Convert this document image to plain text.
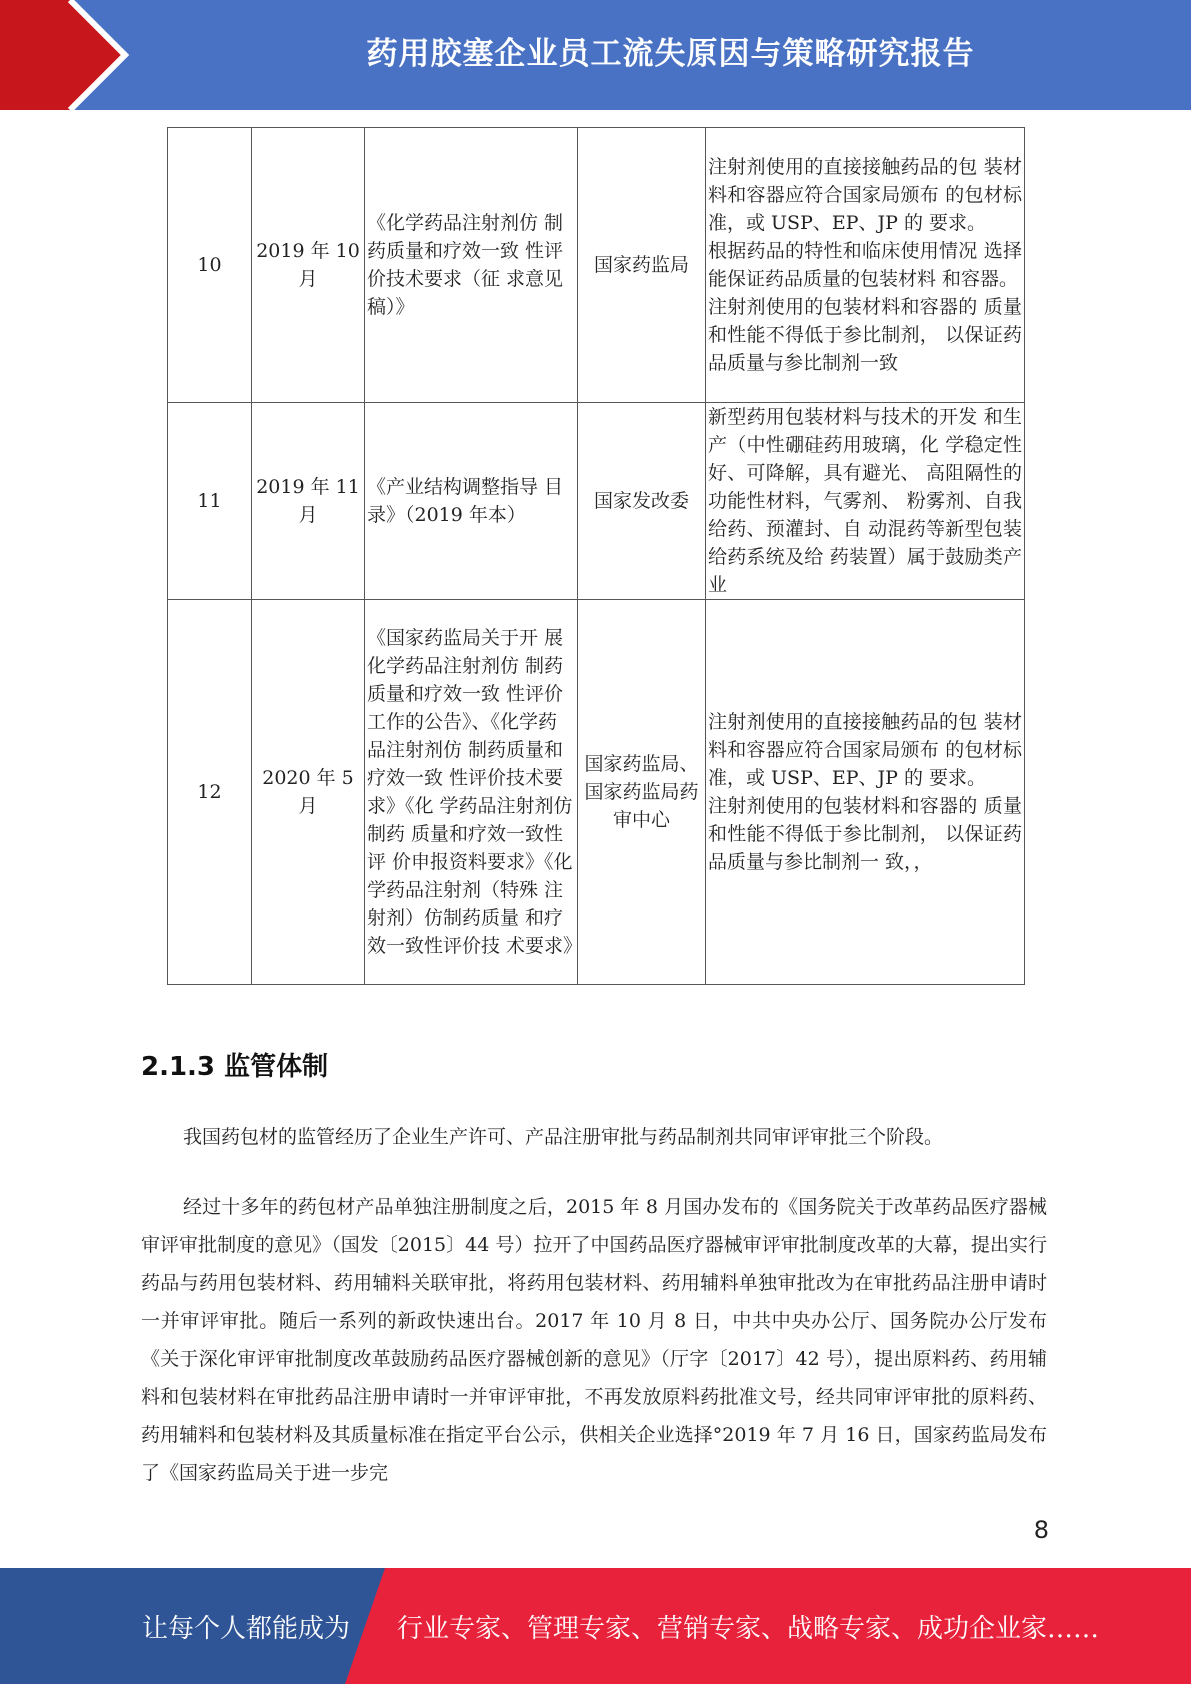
药用胶塞企业员工流失原因与策略研究报告
10	2019 年 10 月	《化学药品注射剂仿 制药质量和疗效一致 性评价技术要求（征 求意见稿）》	国家药监局	注射剂使用的直接接触药品的包 装材料和容器应符合国家局颁布 的包材标准，或 USP、EP、JP 的 要求。
根据药品的特性和临床使用情况 选择能保证药品质量的包装材料 和容器。
注射剂使用的包装材料和容器的 质量和性能不得低于参比制剂， 以保证药品质量与参比制剂一致

11	2019 年 11 月	《产业结构调整指导 目录》（2019 年本）	国家发改委	新型药用包装材料与技术的开发 和生产（中性硼硅药用玻璃，化 学稳定性好、可降解，具有避光、 高阻隔性的功能性材料，气雾剂、 粉雾剂、自我给药、预灌封、自 动混药等新型包装给药系统及给 药装置）属于鼓励类产业

12	2020 年 5 月	《国家药监局关于开 展化学药品注射剂仿 制药质量和疗效一致 性评价工作的公告》、《化学药品注射剂仿 制药质量和疗效一致 性评价技术要求》《化 学药品注射剂仿制药 质量和疗效一致性评 价申报资料要求》《化 学药品注射剂（特殊 注射剂）仿制药质量 和疗效一致性评价技 术要求》	国家药监局、国家药监局药审中心	注射剂使用的直接接触药品的包 装材料和容器应符合国家局颁布 的包材标准，或 USP、EP、JP 的 要求。
注射剂使用的包装材料和容器的 质量和性能不得低于参比制剂， 以保证药品质量与参比制剂一 致，，
2.1.3 监管体制

我国药包材的监管经历了企业生产许可、产品注册审批与药品制剂共同审评审批三个阶段。

经过十多年的药包材产品单独注册制度之后，2015 年 8 月国办发布的《国务院关于改革药品医疗器械审评审批制度的意见》（国发〔2015〕44 号）拉开了中国药品医疗器械审评审批制度改革的大幕，提出实行药品与药用包装材料、药用辅料关联审批，将药用包装材料、药用辅料单独审批改为在审批药品注册申请时一并审评审批。随后一系列的新政快速出台。2017 年 10 月 8 日，中共中央办公厅、国务院办公厅发布《关于深化审评审批制度改革鼓励药品医疗器械创新的意见》（厅字〔2017〕42 号），提出原料药、药用辅料和包装材料在审批药品注册申请时一并审评审批，不再发放原料药批准文号，经共同审评审批的原料药、药用辅料和包装材料及其质量标准在指定平台公示，供相关企业选择°2019 年 7 月 16 日，国家药监局发布了《国家药监局关于进一步完

8
让每个人都能成为 行业专家、管理专家、营销专家、战略专家、成功企业家……
